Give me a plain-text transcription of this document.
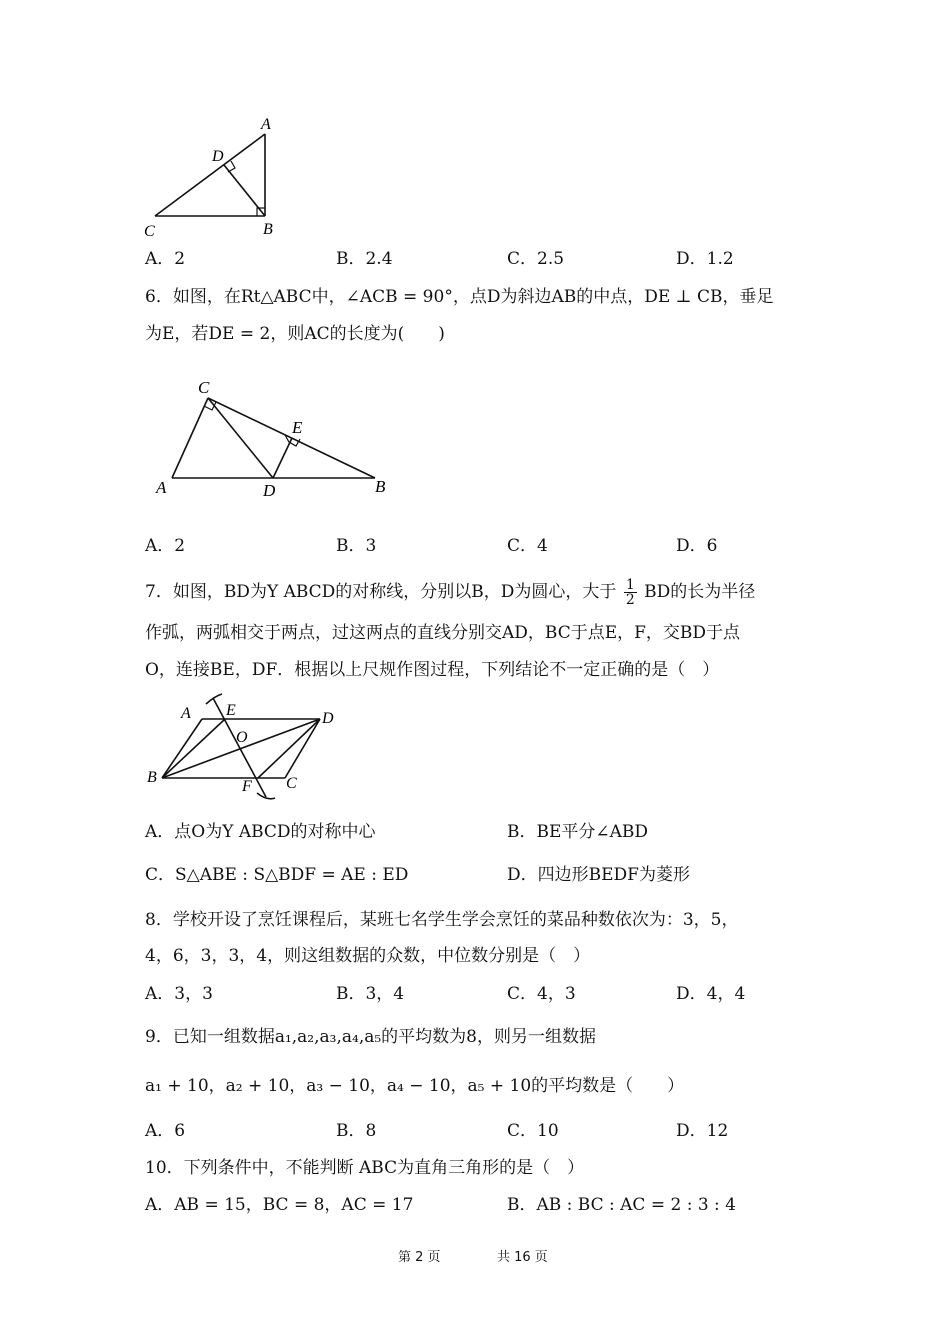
A
D
C	B
A．2	B．2.4	C．2.5	D．1.2
6．如图，在Rt△ABC中，∠ACB = 90°，点D为斜边AB的中点，DE ⊥ CB，垂足
为E，若DE = 2，则AC的长度为(　　)
C
E
A	D	B
A．2	B．3	C．4	D．6
7．如图，BD为Y ABCD的对称线，分别以B，D为圆心，大于 $\frac{1}{2}$ BD的长为半径
作弧，两弧相交于两点，过这两点的直线分别交AD，BC于点E，F，交BD于点
O，连接BE，DF．根据以上尺规作图过程，下列结论不一定正确的是（　）
A E	D
O
B
F C
A．点O为Y ABCD的对称中心	B．BE平分∠ABD
C．S△ABE : S△BDF = AE : ED	D．四边形BEDF为菱形
8．学校开设了烹饪课程后，某班七名学生学会烹饪的菜品种数依次为：3，5，
4，6，3，3，4，则这组数据的众数，中位数分别是（　）
A．3，3	B．3，4	C．4，3	D．4，4
9．已知一组数据a₁,a₂,a₃,a₄,a₅的平均数为8，则另一组数据
a₁ + 10，a₂ + 10，a₃ − 10，a₄ − 10，a₅ + 10的平均数是（　　）
A．6	B．8	C．10	D．12
10．下列条件中，不能判断 ABC为直角三角形的是（　）
A．AB = 15，BC = 8，AC = 17	B．AB : BC : AC = 2 : 3 : 4
第 2 页	共 16 页
